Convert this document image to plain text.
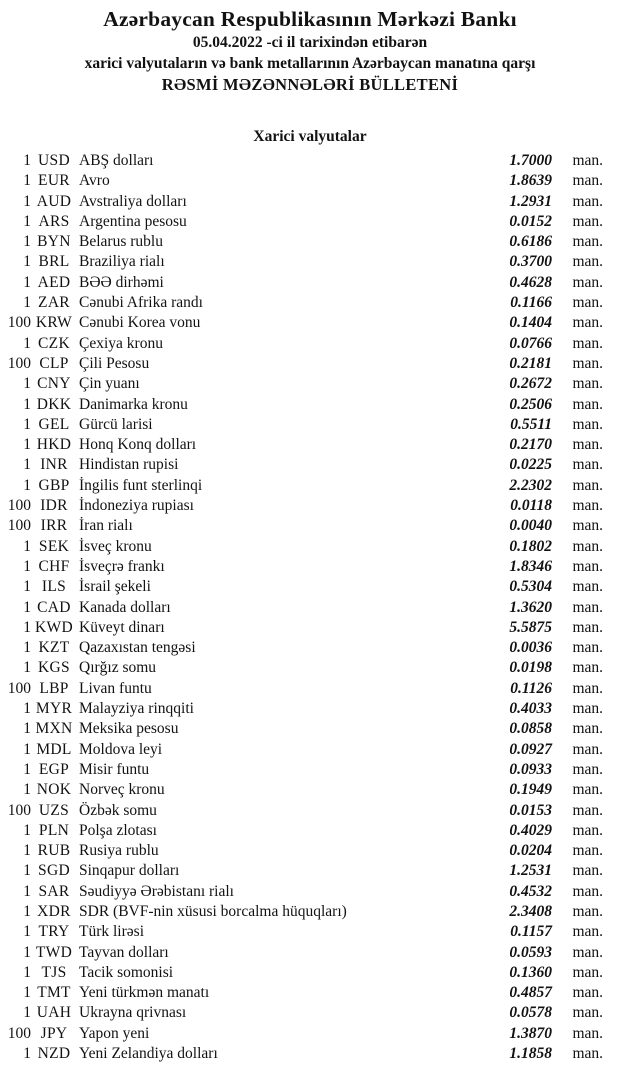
Azərbaycan Respublikasının Mərkəzi Bankı
05.04.2022 -ci il tarixindən etibarən
xarici valyutaların və bank metallarının Azərbaycan manatına qarşı
RƏSMİ MƏZƏNNƏLƏRİ BÜLLETENİ
Xarici valyutalar
1 USD ABŞ dolları	1.7000	man.
1 EUR Avro	1.8639	man.
1 AUD Avstraliya dolları	1.2931	man.
1 ARS Argentina pesosu	0.0152	man.
1 BYN Belarus rublu	0.6186	man.
1 BRL Braziliya rialı	0.3700	man.
1 AED BƏƏ dirhəmi	0.4628	man.
1 ZAR Cənubi Afrika randı	0.1166	man.
100 KRW Cənubi Korea vonu	0.1404	man.
1 CZK Çexiya kronu	0.0766	man.
100 CLP Çili Pesosu	0.2181	man.
1 CNY Çin yuanı	0.2672	man.
1 DKK Danimarka kronu	0.2506	man.
1 GEL Gürcü larisi	0.5511	man.
1 HKD Honq Konq dolları	0.2170	man.
1 INR Hindistan rupisi	0.0225	man.
1 GBP İngilis funt sterlinqi	2.2302	man.
100 IDR İndoneziya rupiası	0.0118	man.
100 IRR İran rialı	0.0040	man.
1 SEK İsveç kronu	0.1802	man.
1 CHF İsveçrə frankı	1.8346	man.
1 ILS İsrail şekeli	0.5304	man.
1 CAD Kanada dolları	1.3620	man.
1 KWD Küveyt dinarı	5.5875	man.
1 KZT Qazaxıstan tengəsi	0.0036	man.
1 KGS Qırğız somu	0.0198	man.
100 LBP Livan funtu	0.1126	man.
1 MYR Malayziya rinqqiti	0.4033	man.
1 MXN Meksika pesosu	0.0858	man.
1 MDL Moldova leyi	0.0927	man.
1 EGP Misir funtu	0.0933	man.
1 NOK Norveç kronu	0.1949	man.
100 UZS Özbək somu	0.0153	man.
1 PLN Polşa zlotası	0.4029	man.
1 RUB Rusiya rublu	0.0204	man.
1 SGD Sinqapur dolları	1.2531	man.
1 SAR Səudiyyə Ərəbistanı rialı	0.4532	man.
1 XDR SDR (BVF-nin xüsusi borcalma hüquqları)	2.3408	man.
1 TRY Türk lirəsi	0.1157	man.
1 TWD Tayvan dolları	0.0593	man.
1 TJS Tacik somonisi	0.1360	man.
1 TMT Yeni türkmən manatı	0.4857	man.
1 UAH Ukrayna qrivnası	0.0578	man.
100 JPY Yapon yeni	1.3870	man.
1 NZD Yeni Zelandiya dolları	1.1858	man.
